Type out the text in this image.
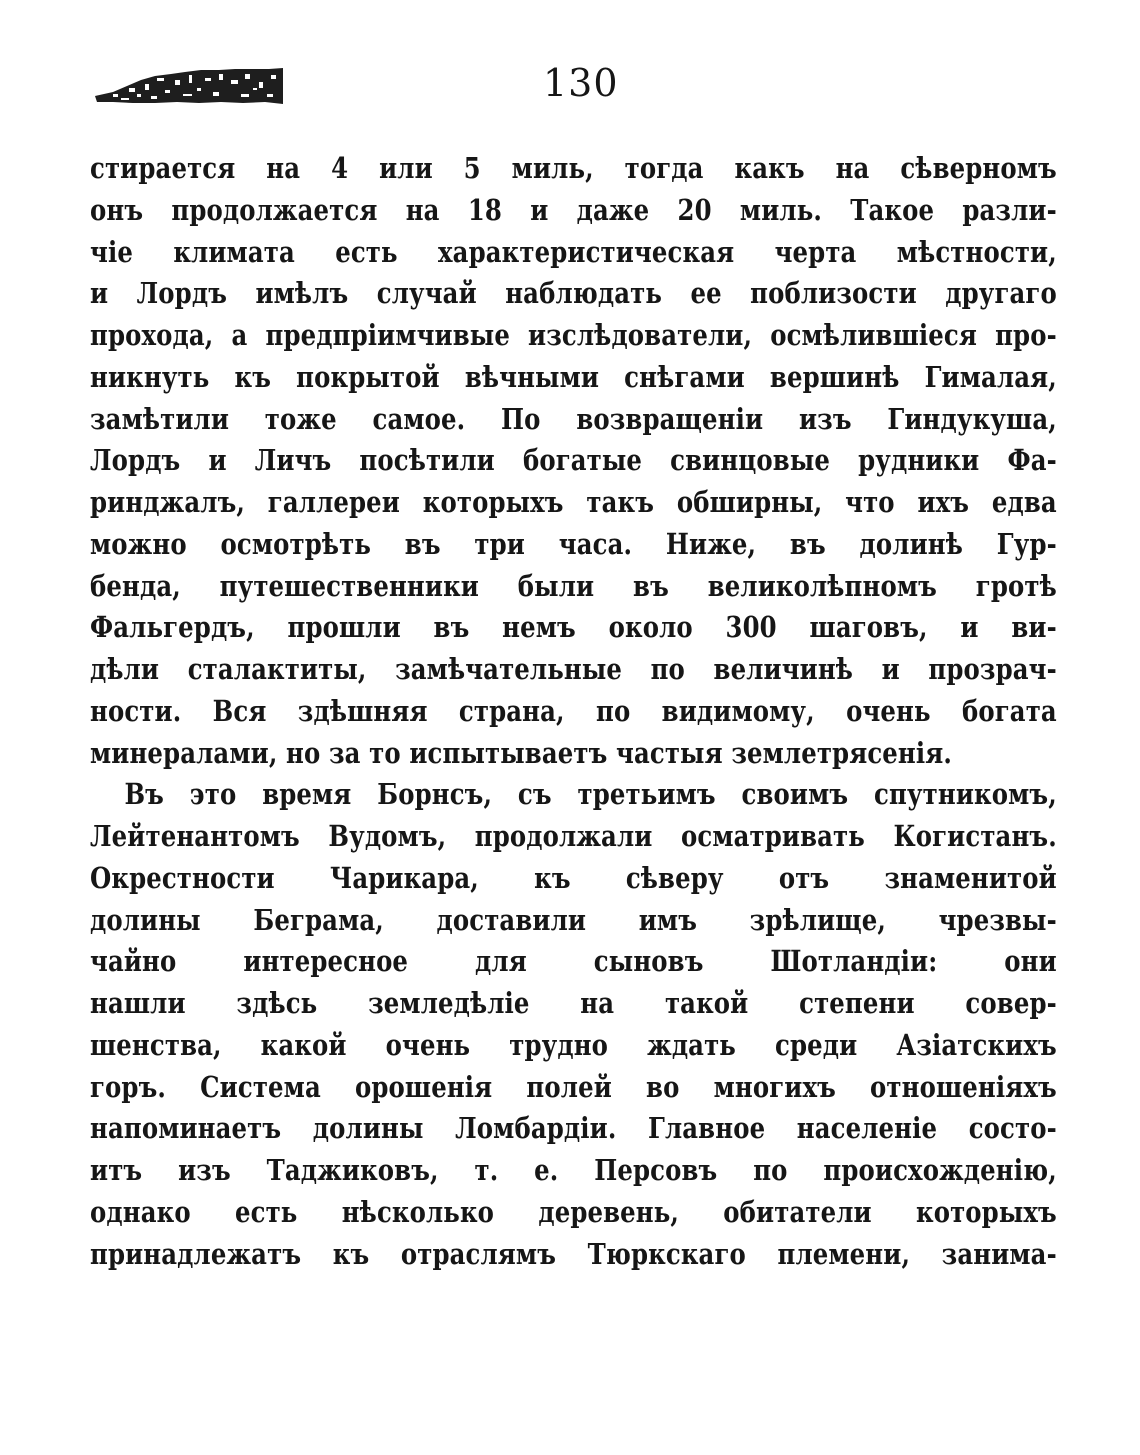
130
стирается на 4 или 5 миль, тогда какъ на сѣверномъ
онъ продолжается на 18 и даже 20 миль. Такое разли-
чіе климата есть характеристическая черта мѣстности,
и Лордъ имѣлъ случай наблюдать ее поблизости другаго
прохода, а предпріимчивые изслѣдователи, осмѣлившіеся про-
никнуть къ покрытой вѣчными снѣгами вершинѣ Гималая,
замѣтили тоже самое. По возвращеніи изъ Гиндукуша,
Лордъ и Личъ посѣтили богатые свинцовые рудники Фа-
ринджалъ, галлереи которыхъ такъ обширны, что ихъ едва
можно осмотрѣть въ три часа. Ниже, въ долинѣ Гур-
бенда, путешественники были въ великолѣпномъ гротѣ
Фальгердъ, прошли въ немъ около 300 шаговъ, и ви-
дѣли сталактиты, замѣчательные по величинѣ и прозрач-
ности. Вся здѣшняя страна, по видимому, очень богата
минералами, но за то испытываетъ частыя землетрясенія.
Въ это время Борнсъ, съ третьимъ своимъ спутникомъ,
Лейтенантомъ Вудомъ, продолжали осматривать Когистанъ.
Окрестности Чарикара, къ сѣверу отъ знаменитой
долины Беграма, доставили имъ зрѣлище, чрезвы-
чайно интересное для сыновъ Шотландіи: они
нашли здѣсь земледѣліе на такой степени совер-
шенства, какой очень трудно ждать среди Азіатскихъ
горъ. Система орошенія полей во многихъ отношеніяхъ
напоминаетъ долины Ломбардіи. Главное населеніе состо-
итъ изъ Таджиковъ, т. е. Персовъ по происхожденію,
однако есть нѣсколько деревень, обитатели которыхъ
принадлежатъ къ отраслямъ Тюркскаго племени, занима-
